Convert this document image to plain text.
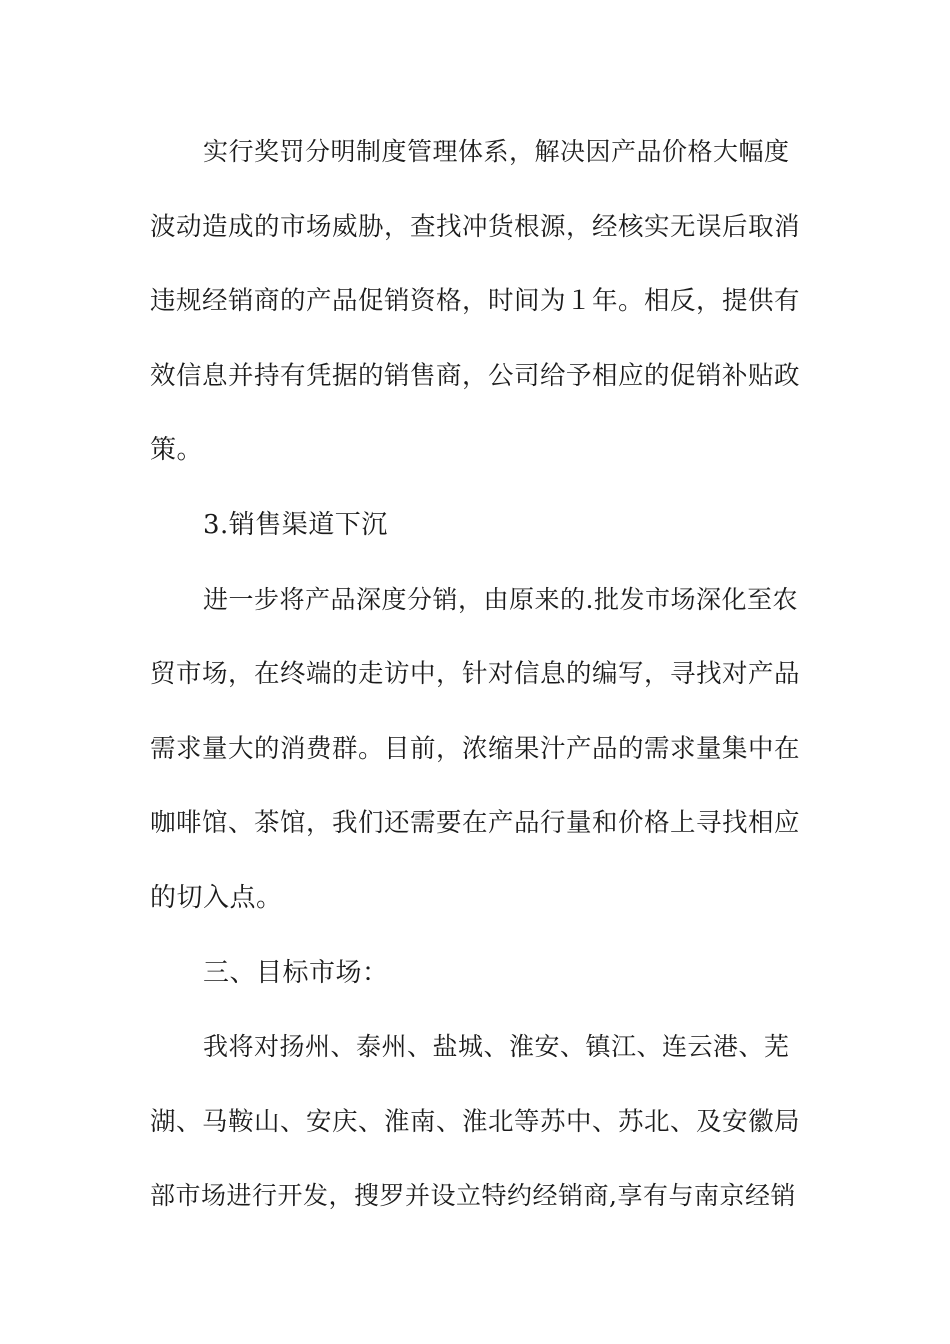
实行奖罚分明制度管理体系，解决因产品价格大幅度
波动造成的市场威胁，查找冲货根源，经核实无误后取消
违规经销商的产品促销资格，时间为１年。相反，提供有
效信息并持有凭据的销售商，公司给予相应的促销补贴政
策。
3.销售渠道下沉
进一步将产品深度分销，由原来的.批发市场深化至农
贸市场，在终端的走访中，针对信息的编写，寻找对产品
需求量大的消费群。目前，浓缩果汁产品的需求量集中在
咖啡馆、茶馆，我们还需要在产品行量和价格上寻找相应
的切入点。
三、目标市场：
我将对扬州、泰州、盐城、淮安、镇江、连云港、芜
湖、马鞍山、安庆、淮南、淮北等苏中、苏北、及安徽局
部市场进行开发，搜罗并设立特约经销商,享有与南京经销
